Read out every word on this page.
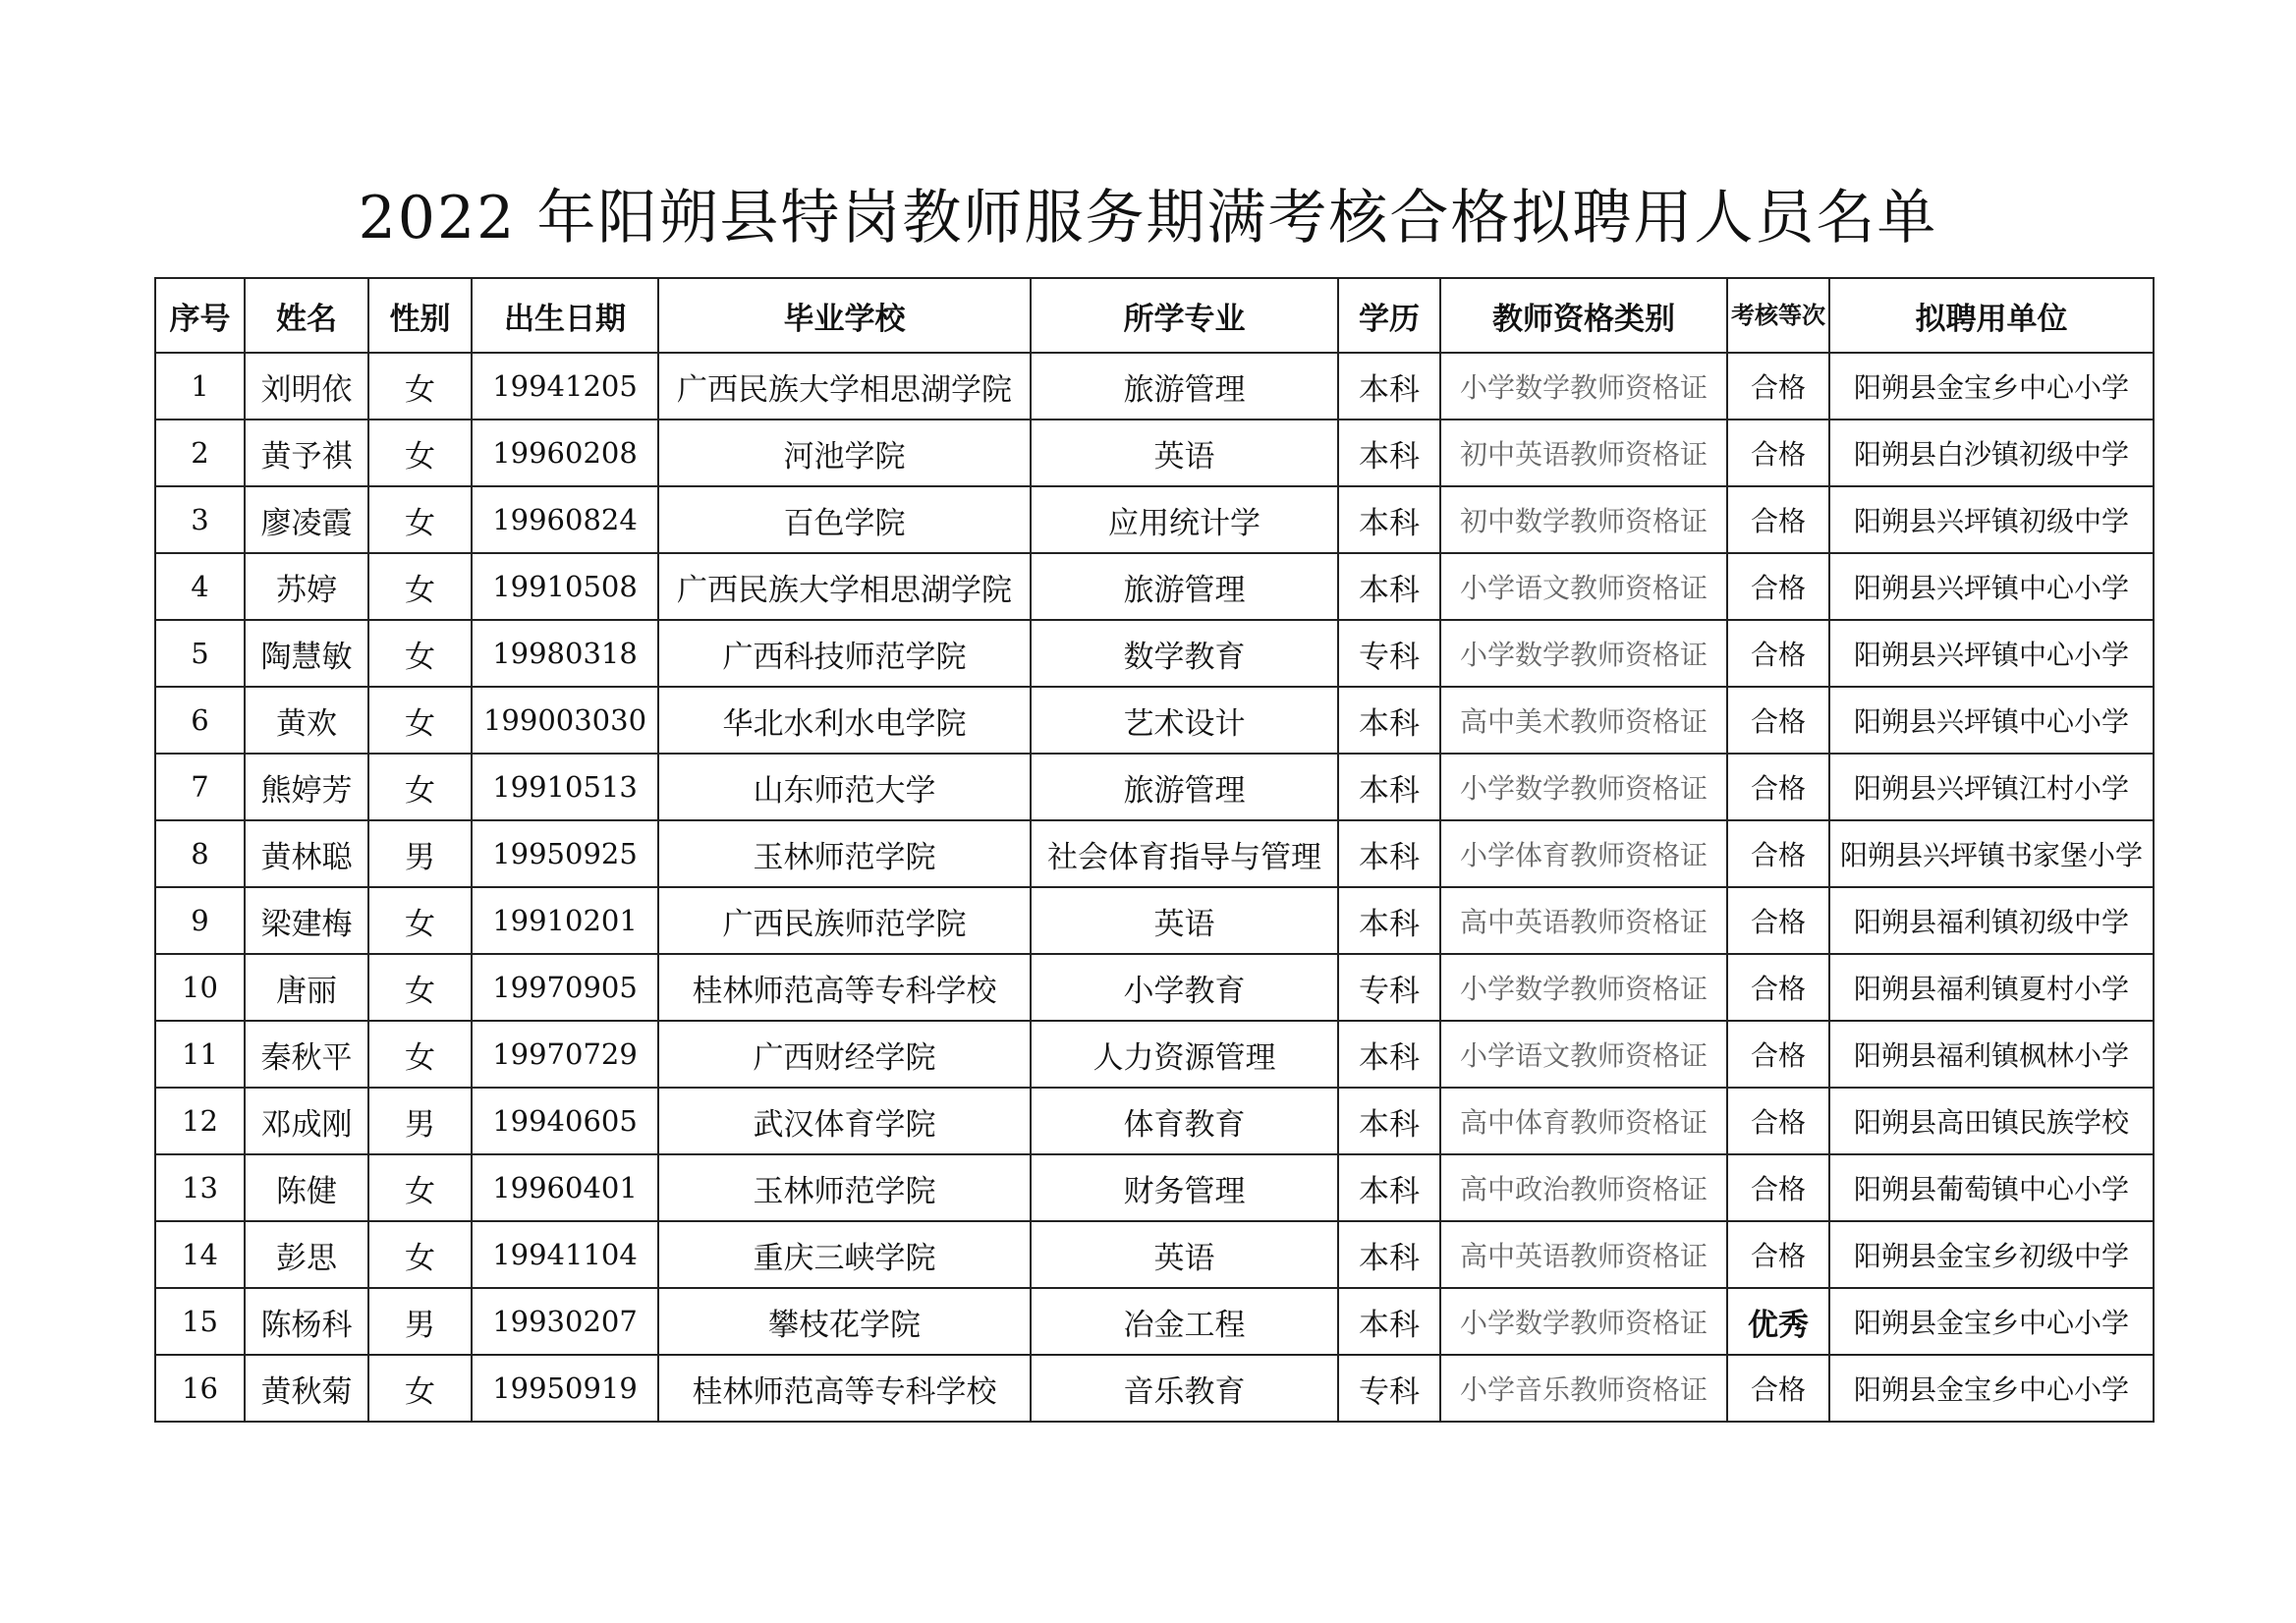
2022 年阳朔县特岗教师服务期满考核合格拟聘用人员名单
序号	姓名	性别	出生日期	毕业学校	所学专业	学历	教师资格类别	考核等次	拟聘用单位
1	刘明依	女	19941205	广西民族大学相思湖学院	旅游管理	本科	小学数学教师资格证	合格	阳朔县金宝乡中心小学
2	黄予祺	女	19960208	河池学院	英语	本科	初中英语教师资格证	合格	阳朔县白沙镇初级中学
3	廖凌霞	女	19960824	百色学院	应用统计学	本科	初中数学教师资格证	合格	阳朔县兴坪镇初级中学
4	苏婷	女	19910508	广西民族大学相思湖学院	旅游管理	本科	小学语文教师资格证	合格	阳朔县兴坪镇中心小学
5	陶慧敏	女	19980318	广西科技师范学院	数学教育	专科	小学数学教师资格证	合格	阳朔县兴坪镇中心小学
6	黄欢	女	199003030	华北水利水电学院	艺术设计	本科	高中美术教师资格证	合格	阳朔县兴坪镇中心小学
7	熊婷芳	女	19910513	山东师范大学	旅游管理	本科	小学数学教师资格证	合格	阳朔县兴坪镇江村小学
8	黄林聪	男	19950925	玉林师范学院	社会体育指导与管理	本科	小学体育教师资格证	合格	阳朔县兴坪镇书家堡小学
9	梁建梅	女	19910201	广西民族师范学院	英语	本科	高中英语教师资格证	合格	阳朔县福利镇初级中学
10	唐丽	女	19970905	桂林师范高等专科学校	小学教育	专科	小学数学教师资格证	合格	阳朔县福利镇夏村小学
11	秦秋平	女	19970729	广西财经学院	人力资源管理	本科	小学语文教师资格证	合格	阳朔县福利镇枫林小学
12	邓成刚	男	19940605	武汉体育学院	体育教育	本科	高中体育教师资格证	合格	阳朔县高田镇民族学校
13	陈健	女	19960401	玉林师范学院	财务管理	本科	高中政治教师资格证	合格	阳朔县葡萄镇中心小学
14	彭思	女	19941104	重庆三峡学院	英语	本科	高中英语教师资格证	合格	阳朔县金宝乡初级中学
15	陈杨科	男	19930207	攀枝花学院	冶金工程	本科	小学数学教师资格证	优秀	阳朔县金宝乡中心小学
16	黄秋菊	女	19950919	桂林师范高等专科学校	音乐教育	专科	小学音乐教师资格证	合格	阳朔县金宝乡中心小学
